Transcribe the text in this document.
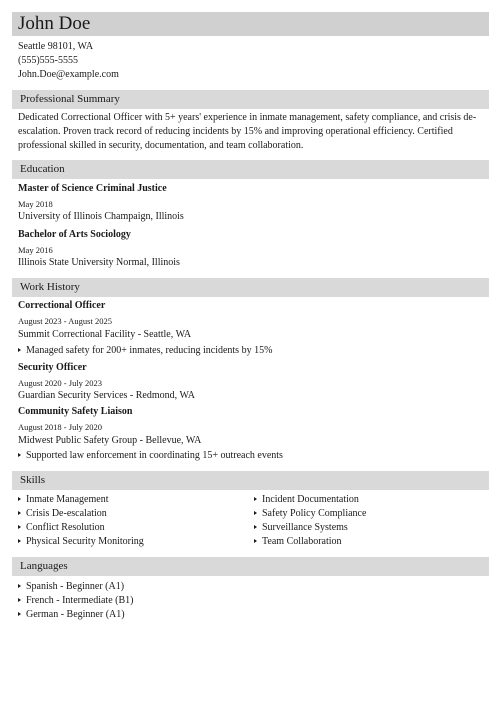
John Doe
Seattle 98101, WA
(555)555-5555
John.Doe@example.com
Professional Summary
Dedicated Correctional Officer with 5+ years' experience in inmate management, safety compliance, and crisis de-escalation. Proven track record of reducing incidents by 15% and improving operational efficiency. Certified professional skilled in security, documentation, and team collaboration.
Education
Master of Science Criminal Justice
May 2018
University of Illinois Champaign, Illinois
Bachelor of Arts Sociology
May 2016
Illinois State University Normal, Illinois
Work History
Correctional Officer
August 2023 - August 2025
Summit Correctional Facility - Seattle, WA
Managed safety for 200+ inmates, reducing incidents by 15%
Security Officer
August 2020 - July 2023
Guardian Security Services - Redmond, WA
Community Safety Liaison
August 2018 - July 2020
Midwest Public Safety Group - Bellevue, WA
Supported law enforcement in coordinating 15+ outreach events
Skills
Inmate Management
Crisis De-escalation
Conflict Resolution
Physical Security Monitoring
Incident Documentation
Safety Policy Compliance
Surveillance Systems
Team Collaboration
Languages
Spanish - Beginner (A1)
French - Intermediate (B1)
German - Beginner (A1)
